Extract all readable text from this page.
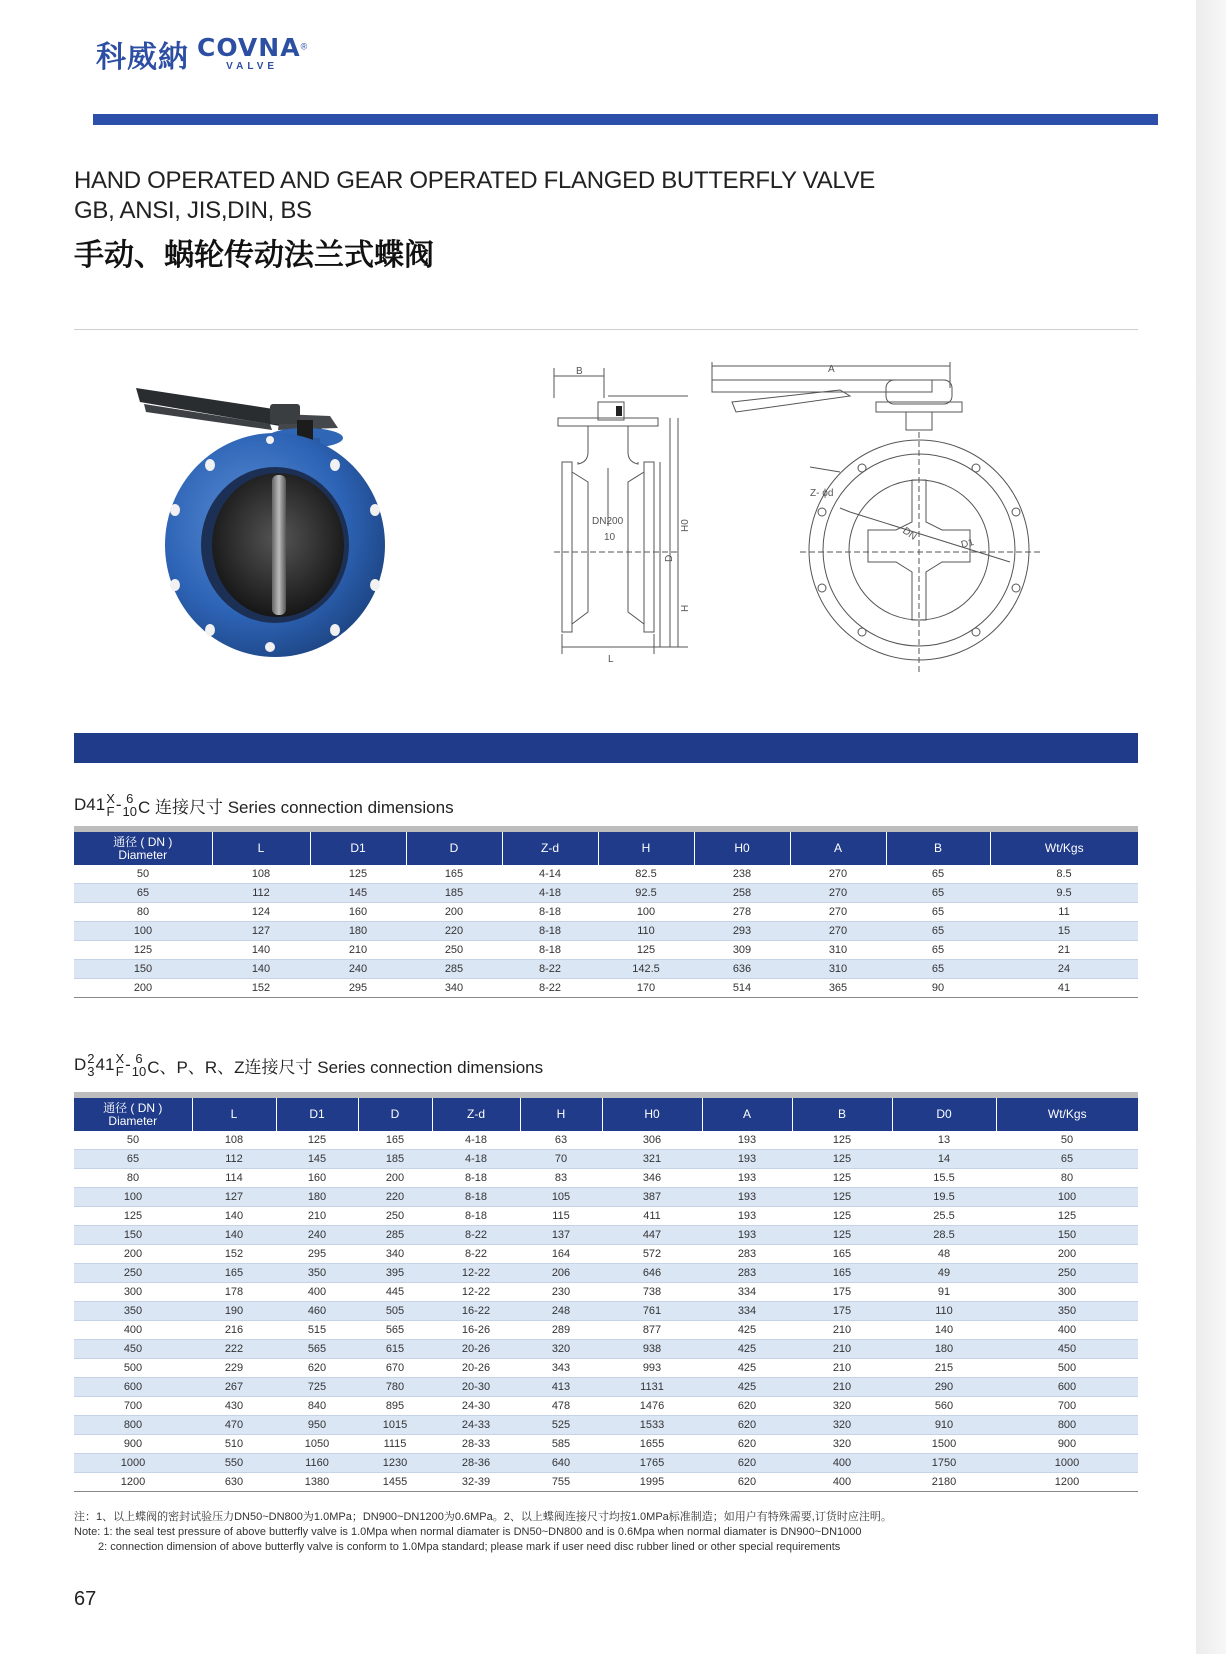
科威納 COVNA®
VALVE
HAND OPERATED AND GEAR OPERATED FLANGED BUTTERFLY VALVE
GB, ANSI, JIS,DIN, BS
手动、蜗轮传动法兰式蝶阀
B	A
DN200
10
H0
D
H
L
Z- ϕd
DN
D1
D41 X
F - 6
10 C 连接尺寸 Series connection dimensions
通径 ( DN )
Diameter	L	D1	D	Z-d	H	H0	A	B	Wt/Kgs
50	108	125	165	4-14	82.5	238	270	65	8.5
65	112	145	185	4-18	92.5	258	270	65	9.5
80	124	160	200	8-18	100	278	270	65	11
100	127	180	220	8-18	110	293	270	65	15
125	140	210	250	8-18	125	309	310	65	21
150	140	240	285	8-22	142.5	636	310	65	24
200	152	295	340	8-22	170	514	365	90	41
D 2
3 41 X
F - 6
10 C、P、R、Z连接尺寸 Series connection dimensions
通径 ( DN )
Diameter	L	D1	D	Z-d	H	H0	A	B	D0	Wt/Kgs
50	108	125	165	4-18	63	306	193	125	13	50
65	112	145	185	4-18	70	321	193	125	14	65
80	114	160	200	8-18	83	346	193	125	15.5	80
100	127	180	220	8-18	105	387	193	125	19.5	100
125	140	210	250	8-18	115	411	193	125	25.5	125
150	140	240	285	8-22	137	447	193	125	28.5	150
200	152	295	340	8-22	164	572	283	165	48	200
250	165	350	395	12-22	206	646	283	165	49	250
300	178	400	445	12-22	230	738	334	175	91	300
350	190	460	505	16-22	248	761	334	175	110	350
400	216	515	565	16-26	289	877	425	210	140	400
450	222	565	615	20-26	320	938	425	210	180	450
500	229	620	670	20-26	343	993	425	210	215	500
600	267	725	780	20-30	413	1131	425	210	290	600
700	430	840	895	24-30	478	1476	620	320	560	700
800	470	950	1015	24-33	525	1533	620	320	910	800
900	510	1050	1115	28-33	585	1655	620	320	1500	900
1000	550	1160	1230	28-36	640	1765	620	400	1750	1000
1200	630	1380	1455	32-39	755	1995	620	400	2180	1200
注：1、以上蝶阀的密封试验压力DN50~DN800为1.0MPa；DN900~DN1200为0.6MPa。2、以上蝶阀连接尺寸均按1.0MPa标准制造；如用户有特殊需要,订货时应注明。
Note: 1: the seal test pressure of above butterfly valve is 1.0Mpa when normal diamater is DN50~DN800 and is 0.6Mpa when normal diamater is DN900~DN1000
2: connection dimension of above butterfly valve is conform to 1.0Mpa standard; please mark if user need disc rubber lined or other special requirements
67
